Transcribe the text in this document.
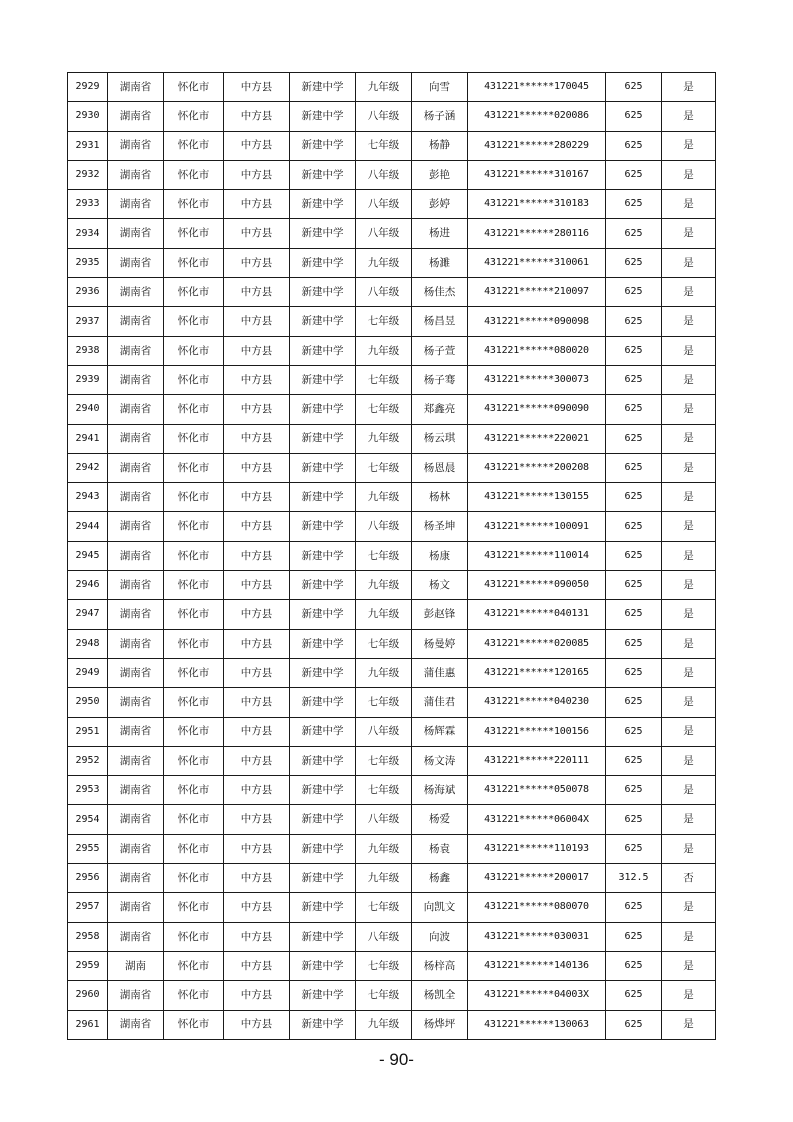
2929	湖南省	怀化市	中方县	新建中学	九年级	向雪	431221******170045	625	是
2930	湖南省	怀化市	中方县	新建中学	八年级	杨子涵	431221******020086	625	是
2931	湖南省	怀化市	中方县	新建中学	七年级	杨静	431221******280229	625	是
2932	湖南省	怀化市	中方县	新建中学	八年级	彭艳	431221******310167	625	是
2933	湖南省	怀化市	中方县	新建中学	八年级	彭婷	431221******310183	625	是
2934	湖南省	怀化市	中方县	新建中学	八年级	杨进	431221******280116	625	是
2935	湖南省	怀化市	中方县	新建中学	九年级	杨濉	431221******310061	625	是
2936	湖南省	怀化市	中方县	新建中学	八年级	杨佳杰	431221******210097	625	是
2937	湖南省	怀化市	中方县	新建中学	七年级	杨昌昱	431221******090098	625	是
2938	湖南省	怀化市	中方县	新建中学	九年级	杨子萱	431221******080020	625	是
2939	湖南省	怀化市	中方县	新建中学	七年级	杨子骞	431221******300073	625	是
2940	湖南省	怀化市	中方县	新建中学	七年级	郑鑫亮	431221******090090	625	是
2941	湖南省	怀化市	中方县	新建中学	九年级	杨云琪	431221******220021	625	是
2942	湖南省	怀化市	中方县	新建中学	七年级	杨恩晨	431221******200208	625	是
2943	湖南省	怀化市	中方县	新建中学	九年级	杨林	431221******130155	625	是
2944	湖南省	怀化市	中方县	新建中学	八年级	杨圣坤	431221******100091	625	是
2945	湖南省	怀化市	中方县	新建中学	七年级	杨康	431221******110014	625	是
2946	湖南省	怀化市	中方县	新建中学	九年级	杨文	431221******090050	625	是
2947	湖南省	怀化市	中方县	新建中学	九年级	彭赵锋	431221******040131	625	是
2948	湖南省	怀化市	中方县	新建中学	七年级	杨曼婷	431221******020085	625	是
2949	湖南省	怀化市	中方县	新建中学	九年级	蒲佳惠	431221******120165	625	是
2950	湖南省	怀化市	中方县	新建中学	七年级	蒲佳君	431221******040230	625	是
2951	湖南省	怀化市	中方县	新建中学	八年级	杨辉霖	431221******100156	625	是
2952	湖南省	怀化市	中方县	新建中学	七年级	杨文涛	431221******220111	625	是
2953	湖南省	怀化市	中方县	新建中学	七年级	杨海斌	431221******050078	625	是
2954	湖南省	怀化市	中方县	新建中学	八年级	杨爱	431221******06004X	625	是
2955	湖南省	怀化市	中方县	新建中学	九年级	杨袁	431221******110193	625	是
2956	湖南省	怀化市	中方县	新建中学	九年级	杨鑫	431221******200017	312.5	否
2957	湖南省	怀化市	中方县	新建中学	七年级	向凯文	431221******080070	625	是
2958	湖南省	怀化市	中方县	新建中学	八年级	向波	431221******030031	625	是
2959	湖南	怀化市	中方县	新建中学	七年级	杨梓高	431221******140136	625	是
2960	湖南省	怀化市	中方县	新建中学	七年级	杨凯全	431221******04003X	625	是
2961	湖南省	怀化市	中方县	新建中学	九年级	杨烨坪	431221******130063	625	是
- 90-
